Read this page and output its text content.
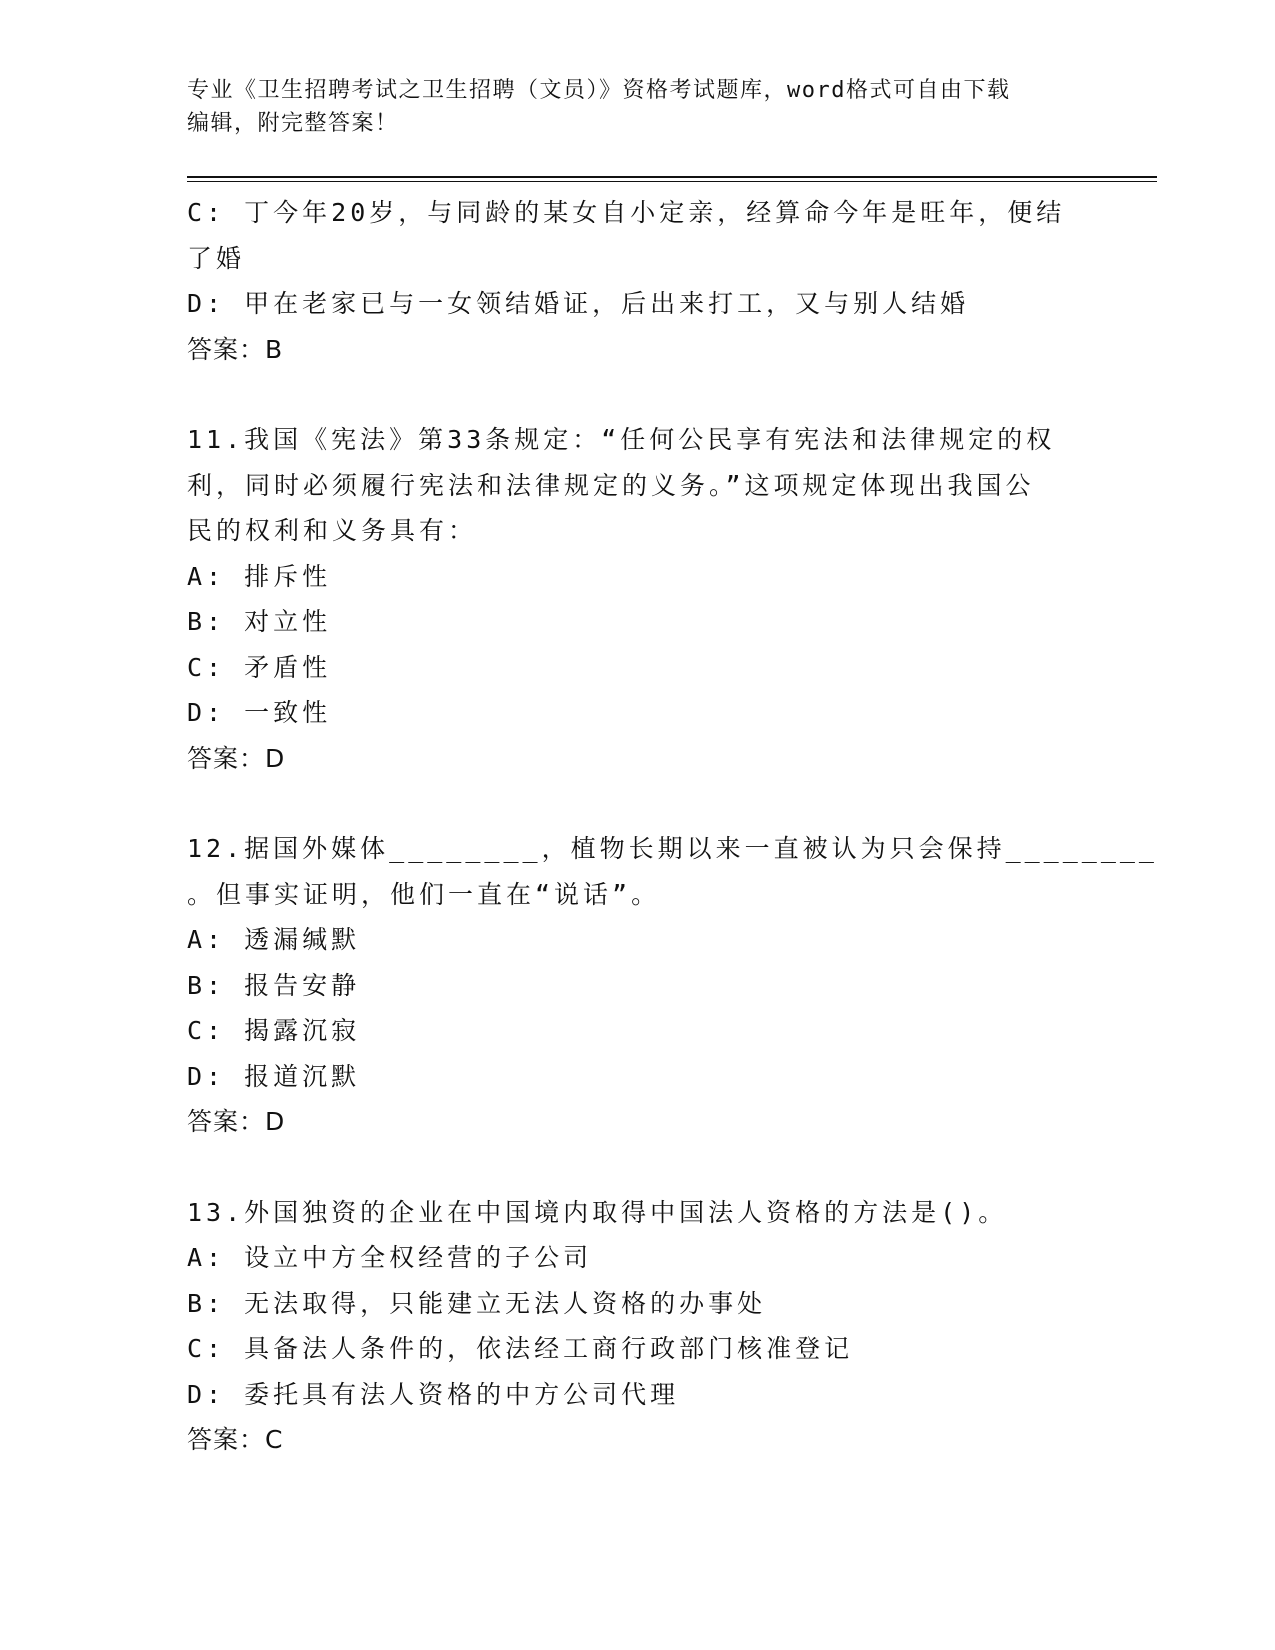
专业《卫生招聘考试之卫生招聘（文员）》资格考试题库，word格式可自由下载
编辑，附完整答案！
C: 丁今年20岁，与同龄的某女自小定亲，经算命今年是旺年，便结
了婚
D: 甲在老家已与一女领结婚证，后出来打工，又与别人结婚
答案：B
11.我国《宪法》第33条规定：“任何公民享有宪法和法律规定的权
利，同时必须履行宪法和法律规定的义务。”这项规定体现出我国公
民的权利和义务具有：
A: 排斥性
B: 对立性
C: 矛盾性
D: 一致性
答案：D
12.据国外媒体________，植物长期以来一直被认为只会保持________
。但事实证明，他们一直在“说话”。
A: 透漏缄默
B: 报告安静
C: 揭露沉寂
D: 报道沉默
答案：D
13.外国独资的企业在中国境内取得中国法人资格的方法是()。
A: 设立中方全权经营的子公司
B: 无法取得，只能建立无法人资格的办事处
C: 具备法人条件的，依法经工商行政部门核准登记
D: 委托具有法人资格的中方公司代理
答案：C
